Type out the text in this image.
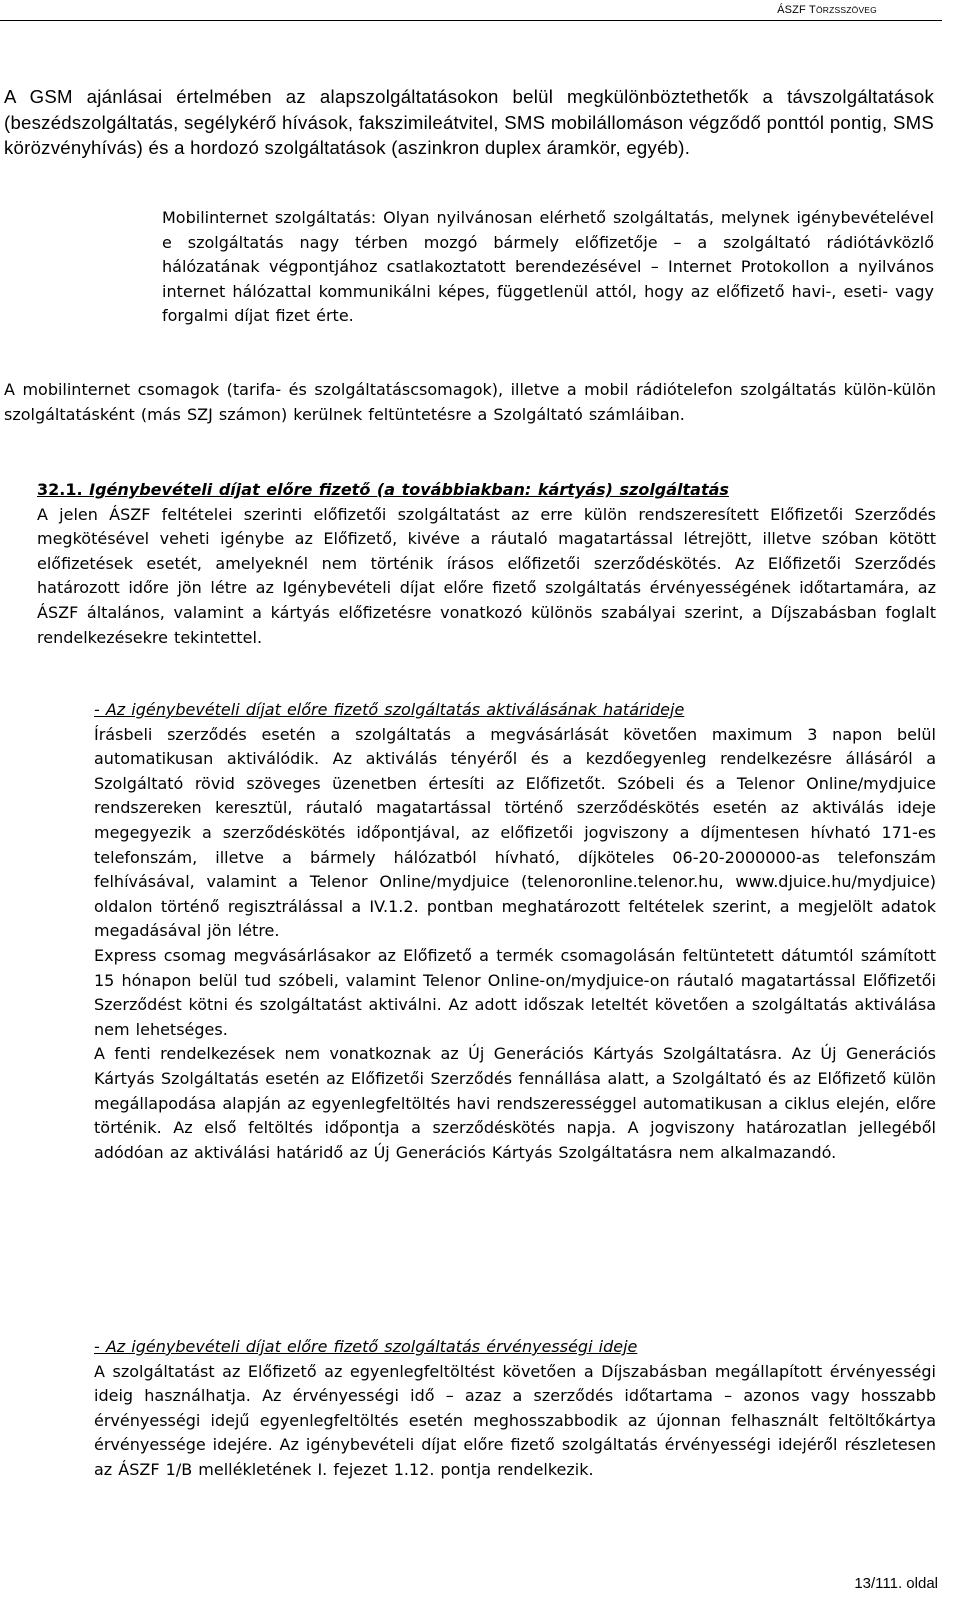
ÁSZF TÖRZSSZÖVEG

A GSM ajánlásai értelmében az alapszolgáltatásokon belül megkülönböztethetők a távszolgáltatások (beszédszolgáltatás, segélykérő hívások, fakszimileátvitel, SMS mobilállomáson végződő ponttól pontig, SMS körözvényhívás) és a hordozó szolgáltatások (aszinkron duplex áramkör, egyéb).

Mobilinternet szolgáltatás: Olyan nyilvánosan elérhető szolgáltatás, melynek igénybevételével e szolgáltatás nagy térben mozgó bármely előfizetője – a szolgáltató rádiótávközlő hálózatának végpontjához csatlakoztatott berendezésével – Internet Protokollon a nyilvános internet hálózattal kommunikálni képes, függetlenül attól, hogy az előfizető havi-, eseti- vagy forgalmi díjat fizet érte.

A mobilinternet csomagok (tarifa- és szolgáltatáscsomagok), illetve a mobil rádiótelefon szolgáltatás külön-külön szolgáltatásként (más SZJ számon) kerülnek feltüntetésre a Szolgáltató számláiban.

32.1. Igénybevételi díjat előre fizető (a továbbiakban: kártyás) szolgáltatás
A jelen ÁSZF feltételei szerinti előfizetői szolgáltatást az erre külön rendszeresített Előfizetői Szerződés megkötésével veheti igénybe az Előfizető, kivéve a ráutaló magatartással létrejött, illetve szóban kötött előfizetések esetét, amelyeknél nem történik írásos előfizetői szerződéskötés. Az Előfizetői Szerződés határozott időre jön létre az Igénybevételi díjat előre fizető szolgáltatás érvényességének időtartamára, az ÁSZF általános, valamint a kártyás előfizetésre vonatkozó különös szabályai szerint, a Díjszabásban foglalt rendelkezésekre tekintettel.
- Az igénybevételi díjat előre fizető szolgáltatás aktiválásának határideje
Írásbeli szerződés esetén a szolgáltatás a megvásárlását követően maximum 3 napon belül automatikusan aktiválódik. Az aktiválás tényéről és a kezdőegyenleg rendelkezésre állásáról a Szolgáltató rövid szöveges üzenetben értesíti az Előfizetőt. Szóbeli és a Telenor Online/mydjuice rendszereken keresztül, ráutaló magatartással történő szerződéskötés esetén az aktiválás ideje megegyezik a szerződéskötés időpontjával, az előfizetői jogviszony a díjmentesen hívható 171-es telefonszám, illetve a bármely hálózatból hívható, díjköteles 06-20-2000000-as telefonszám felhívásával, valamint a Telenor Online/mydjuice (telenoronline.telenor.hu, www.djuice.hu/mydjuice) oldalon történő regisztrálással a IV.1.2. pontban meghatározott feltételek szerint, a megjelölt adatok megadásával jön létre.
Express csomag megvásárlásakor az Előfizető a termék csomagolásán feltüntetett dátumtól számított 15 hónapon belül tud szóbeli, valamint Telenor Online-on/mydjuice-on ráutaló magatartással Előfizetői Szerződést kötni és szolgáltatást aktiválni. Az adott időszak leteltét követően a szolgáltatás aktiválása nem lehetséges.
A fenti rendelkezések nem vonatkoznak az Új Generációs Kártyás Szolgáltatásra. Az Új Generációs Kártyás Szolgáltatás esetén az Előfizetői Szerződés fennállása alatt, a Szolgáltató és az Előfizető külön megállapodása alapján az egyenlegfeltöltés havi rendszerességgel automatikusan a ciklus elején, előre történik. Az első feltöltés időpontja a szerződéskötés napja. A jogviszony határozatlan jellegéből adódóan az aktiválási határidő az Új Generációs Kártyás Szolgáltatásra nem alkalmazandó.
- Az igénybevételi díjat előre fizető szolgáltatás érvényességi ideje
A szolgáltatást az Előfizető az egyenlegfeltöltést követően a Díjszabásban megállapított érvényességi ideig használhatja. Az érvényességi idő – azaz a szerződés időtartama – azonos vagy hosszabb érvényességi idejű egyenlegfeltöltés esetén meghosszabbodik az újonnan felhasznált feltöltőkártya érvényessége idejére. Az igénybevételi díjat előre fizető szolgáltatás érvényességi idejéről részletesen az ÁSZF 1/B mellékletének I. fejezet 1.12. pontja rendelkezik.
13/111. oldal
